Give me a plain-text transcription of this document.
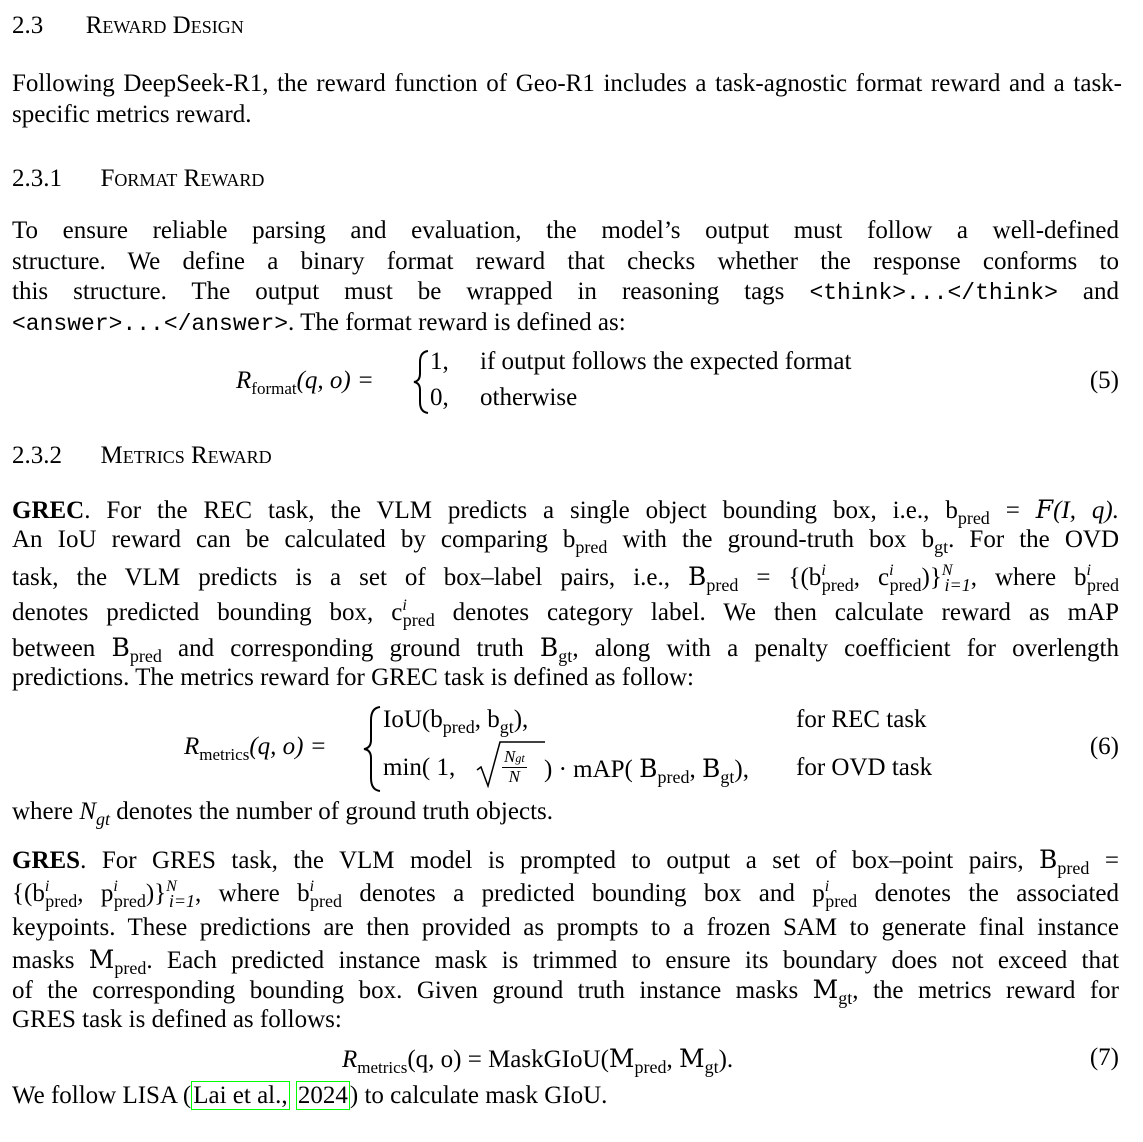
2.3 Reward Design
Following DeepSeek-R1, the reward function of Geo-R1 includes a task-agnostic format reward and a task-specific metrics reward.
2.3.1 Format Reward
To ensure reliable parsing and evaluation, the model’s output must follow a well-defined
structure. We define a binary format reward that checks whether the response conforms to
this structure. The output must be wrapped in reasoning tags <think>...</think> and
<answer>...</answer>. The format reward is defined as:
$R_{format}(q$, o) =
1, if output follows the expected format
0, otherwise
(5)
2.3.2 Metrics Reward
GREC. For the REC task, the VLM predicts a single object bounding box, i.e., $b_{pred} = F(I$, q).
An IoU reward can be calculated by comparing $b_{pred}$ with the ground-truth box $b_{gt}$. For the OVD
task, the VLM predicts is a set of box–label pairs, i.e., $B_{pred} = \{(b^i_{pred}$, $c^i_{pred})\}^N_{i=1}$, where $b^i_{pred}$
denotes predicted bounding box, $c^i_{pred}$ denotes category label. We then calculate reward as mAP
between $B_{pred}$ and corresponding ground truth $B_{gt}$, along with a penalty coefficient for overlength
predictions. The metrics reward for GREC task is defined as follow:
$R_{metrics}(q$, o) =
$IoU(b_{pred}$, $b_{gt}$),	for REC task
min( 1,	$\frac{\text{Ngt}}{N}$ ) · mAP( $B_{pred}$, $B_{gt}$), for OVD task
(6)
where $N_{gt}$ denotes the number of ground truth objects.
GRES. For GRES task, the VLM model is prompted to output a set of box–point pairs, $B_{pred}$ =
{($b^i_{pred}$, $p^i_{pred})\}^N_{i=1}$, where $b^i_{pred}$ denotes a predicted bounding box and $p^i_{pred}$ denotes the associated
keypoints. These predictions are then provided as prompts to a frozen SAM to generate final instance
masks $M_{pred}$. Each predicted instance mask is trimmed to ensure its boundary does not exceed that
of the corresponding bounding box. Given ground truth instance masks $M_{gt}$, the metrics reward for
GRES task is defined as follows:
$R_{metrics}(q$, $o) = MaskGIoU(M_{pred}$, $M_{gt}$).	(7)
We follow LISA (Lai et al., 2024) to calculate mask GIoU.
